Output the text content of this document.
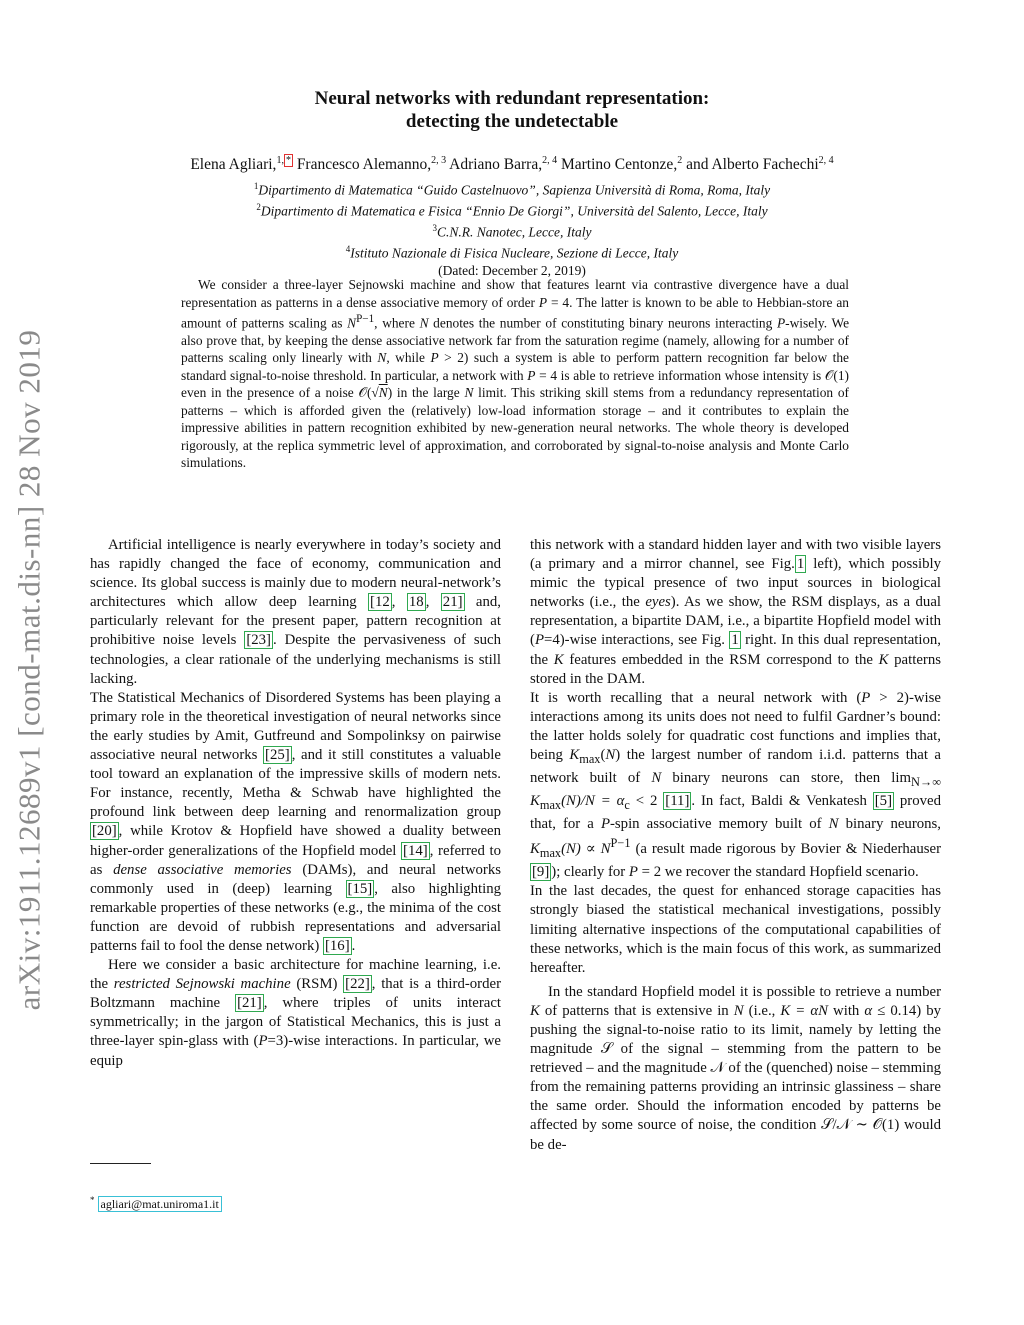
arXiv:1911.12689v1 [cond-mat.dis-nn] 28 Nov 2019
Neural networks with redundant representation:
detecting the undetectable
Elena Agliari,$^{1, *}$ Francesco Alemanno,$^{2, 3}$ Adriano Barra,$^{2, 4}$ Martino Centonze,$^2$ and Alberto Fachechi$^{2, 4}$
$^1$Dipartimento di Matematica “Guido Castelnuovo”, Sapienza Università di Roma, Roma, Italy
$^2$Dipartimento di Matematica e Fisica “Ennio De Giorgi”, Università del Salento, Lecce, Italy
$^3$C.N.R. Nanotec, Lecce, Italy
$^4$Istituto Nazionale di Fisica Nucleare, Sezione di Lecce, Italy
(Dated: December 2, 2019)

We consider a three-layer Sejnowski machine and show that features learnt via contrastive divergence have a dual representation as patterns in a dense associative memory of order P = 4. The latter is known to be able to Hebbian-store an amount of patterns scaling as $N^{P-1}$, where N denotes the number of constituting binary neurons interacting P-wisely. We also prove that, by keeping the dense associative network far from the saturation regime (namely, allowing for a number of patterns scaling only linearly with N, while P > 2) such a system is able to perform pattern recognition far below the standard signal-to-noise threshold. In particular, a network with P = 4 is able to retrieve information whose intensity is 𝒪(1) even in the presence of a noise 𝒪(√N) in the large N limit. This striking skill stems from a redundancy representation of patterns – which is afforded given the (relatively) low-load information storage – and it contributes to explain the impressive abilities in pattern recognition exhibited by new-generation neural networks. The whole theory is developed rigorously, at the replica symmetric level of approximation, and corroborated by signal-to-noise analysis and Monte Carlo simulations.

Artificial intelligence is nearly everywhere in today’s society and has rapidly changed the face of economy, communication and science. Its global success is mainly due to modern neural-network’s architectures which allow deep learning [12 , 18 , 21] and, particularly relevant for the present paper, pattern recognition at prohibitive noise levels [23] . Despite the pervasiveness of such technologies, a clear rationale of the underlying mechanisms is still lacking.

The Statistical Mechanics of Disordered Systems has been playing a primary role in the theoretical investigation of neural networks since the early studies by Amit, Gutfreund and Sompolinksy on pairwise associative neural networks [25] , and it still constitutes a valuable tool toward an explanation of the impressive skills of modern nets. For instance, recently, Metha & Schwab have highlighted the profound link between deep learning and renormalization group [20] , while Krotov & Hopfield have showed a duality between higher-order generalizations of the Hopfield model [14] , referred to as dense associative memories (DAMs), and neural networks commonly used in (deep) learning [15] , also highlighting remarkable properties of these networks (e.g., the minima of the cost function are devoid of rubbish representations and adversarial patterns fail to fool the dense network) [16] .

Here we consider a basic architecture for machine learning, i.e. the restricted Sejnowski machine (RSM) [22] , that is a third-order Boltzmann machine [21] , where triples of units interact symmetrically; in the jargon of Statistical Mechanics, this is just a three-layer spin-glass with (P=3)-wise interactions. In particular, we equip

this network with a standard hidden layer and with two visible layers (a primary and a mirror channel, see Fig. 1 left), which possibly mimic the typical presence of two input sources in biological networks (i.e., the eyes). As we show, the RSM displays, as a dual representation, a bipartite DAM, i.e., a bipartite Hopfield model with (P=4)-wise interactions, see Fig. 1 right. In this dual representation, the K features embedded in the RSM correspond to the K patterns stored in the DAM.

It is worth recalling that a neural network with (P > 2)-wise interactions among its units does not need to fulfil Gardner’s bound: the latter holds solely for quadratic cost functions and implies that, being $K_{max}(N)$ the largest number of random i.i.d. patterns that a network built of N binary neurons can store, then $\lim_{N\to\infty} K_{max}(N)/N = \alpha_c < 2$ [11] . In fact, Baldi & Venkatesh [5] proved that, for a P-spin associative memory built of N binary neurons, $K_{max}(N) \propto N^{P-1}$ (a result made rigorous by Bovier & Niederhauser [9] ); clearly for P = 2 we recover the standard Hopfield scenario.

In the last decades, the quest for enhanced storage capacities has strongly biased the statistical mechanical investigations, possibly limiting alternative inspections of the computational capabilities of these networks, which is the main focus of this work, as summarized hereafter.

In the standard Hopfield model it is possible to retrieve a number K of patterns that is extensive in N (i.e., K = αN with α ≤ 0.14) by pushing the signal-to-noise ratio to its limit, namely by letting the magnitude 𝒮 of the signal – stemming from the pattern to be retrieved – and the magnitude 𝒩 of the (quenched) noise – stemming from the remaining patterns providing an intrinsic glassiness – share the same order. Should the information encoded by patterns be affected by some source of noise, the condition 𝒮/𝒩 ∼ 𝒪(1) would be de-

* agliari@mat.uniroma1.it
